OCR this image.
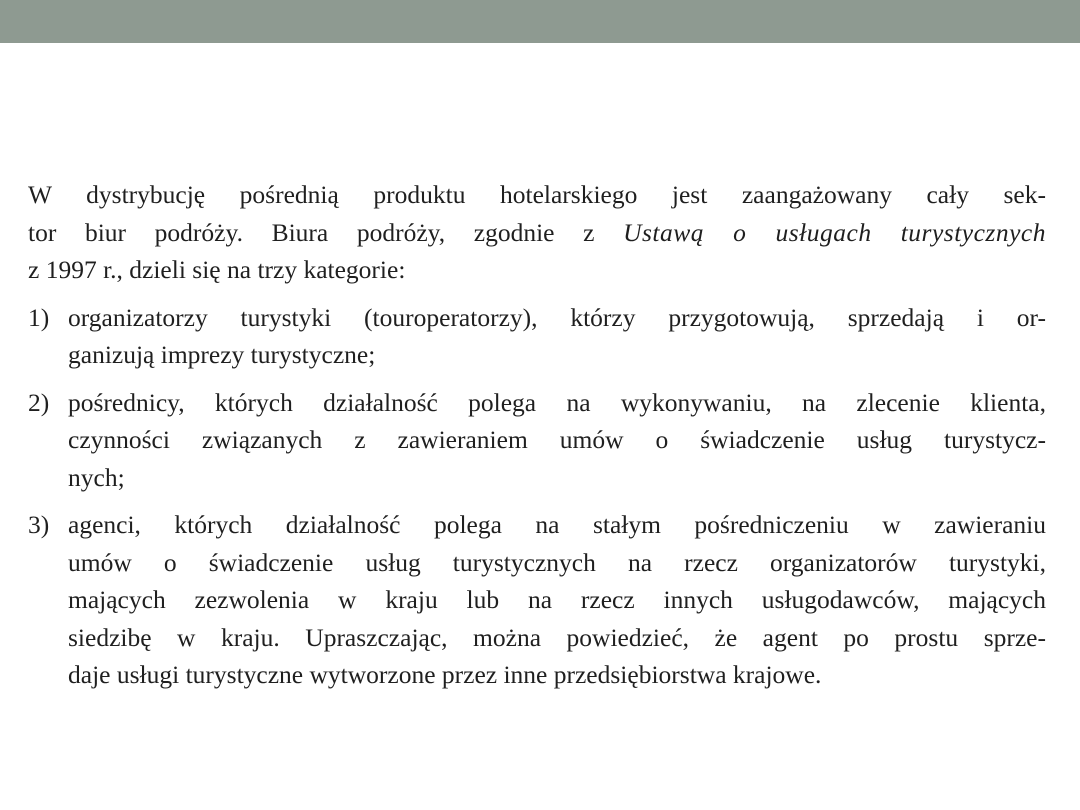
W dystrybucję pośrednią produktu hotelarskiego jest zaangażowany cały sek-
tor biur podróży. Biura podróży, zgodnie z Ustawą o usługach turystycznych
z 1997 r., dzieli się na trzy kategorie:
1) organizatorzy turystyki (touroperatorzy), którzy przygotowują, sprzedają i or-
ganizują imprezy turystyczne;
2) pośrednicy, których działalność polega na wykonywaniu, na zlecenie klienta,
czynności związanych z zawieraniem umów o świadczenie usług turystycz-
nych;
3) agenci, których działalność polega na stałym pośredniczeniu w zawieraniu
umów o świadczenie usług turystycznych na rzecz organizatorów turystyki,
mających zezwolenia w kraju lub na rzecz innych usługodawców, mających
siedzibę w kraju. Upraszczając, można powiedzieć, że agent po prostu sprze-
daje usługi turystyczne wytworzone przez inne przedsiębiorstwa krajowe.
